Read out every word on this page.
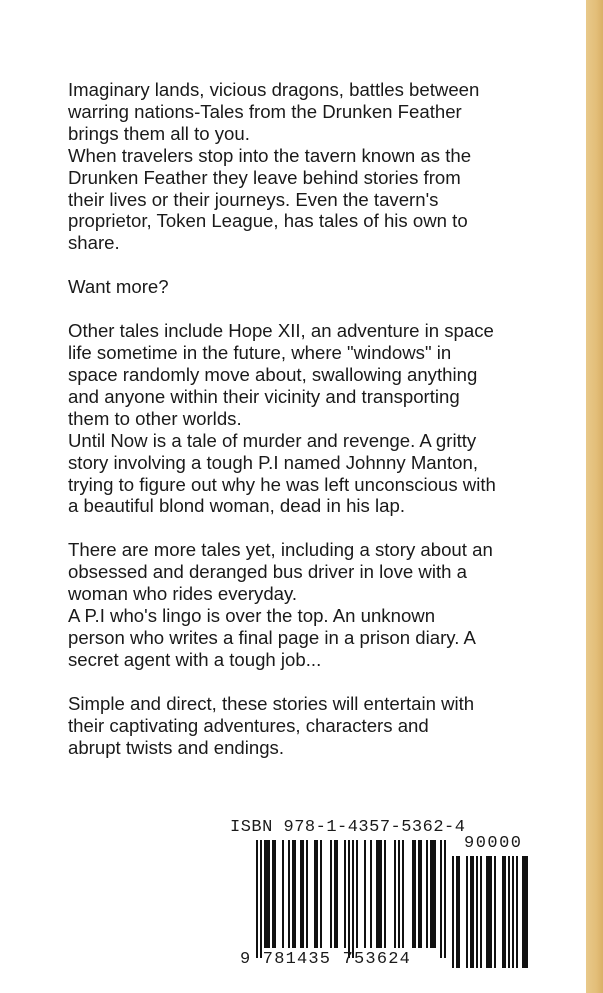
Imaginary lands, vicious dragons, battles between
warring nations-Tales from the Drunken Feather
brings them all to you.

When travelers stop into the tavern known as the
Drunken Feather they leave behind stories from
their lives or their journeys. Even the tavern's
proprietor, Token League, has tales of his own to
share.

Want more?

Other tales include Hope XII, an adventure in space
life sometime in the future, where "windows" in
space randomly move about, swallowing anything
and anyone within their vicinity and transporting
them to other worlds.

Until Now is a tale of murder and revenge. A gritty
story involving a tough P.I named Johnny Manton,
trying to figure out why he was left unconscious with
a beautiful blond woman, dead in his lap.

There are more tales yet, including a story about an
obsessed and deranged bus driver in love with a
woman who rides everyday.

A P.I who's lingo is over the top. An unknown
person who writes a final page in a prison diary. A
secret agent with a tough job...

Simple and direct, these stories will entertain with
their captivating adventures, characters and
abrupt twists and endings.

ISBN 978-1-4357-5362-4
90000
9 781435 753624
